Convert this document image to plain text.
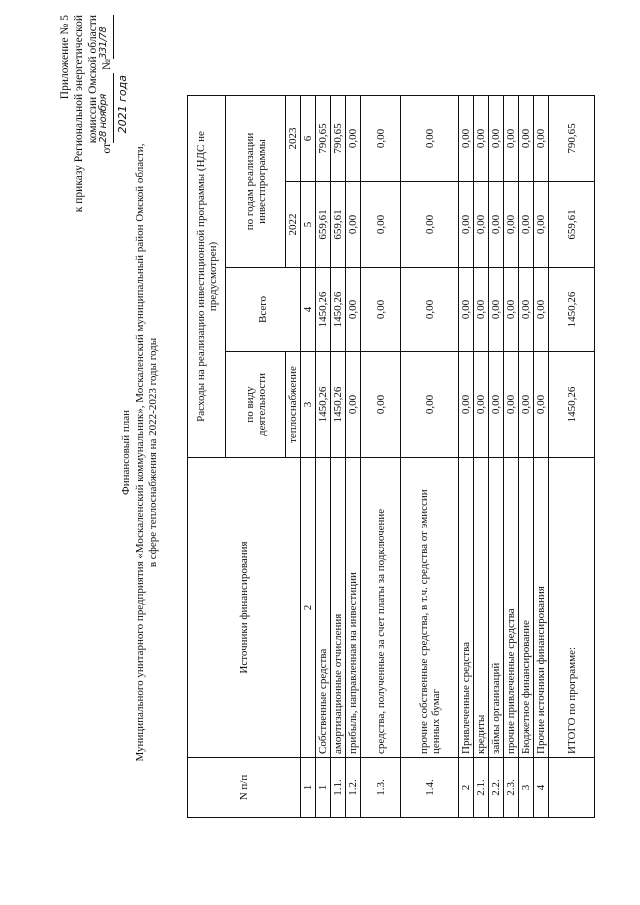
Приложение № 5 к приказу Региональной энергетической комиссии Омской области
от
28 ноября
№
331/78
2021 года
Финансовый план Муниципального унитарного предприятия «Москаленский коммунальник», Москаленский муниципальный район Омской области, в сфере теплоснабжения на 2022-2023 годы годы
N п/п	Источники финансирования	Расходы на реализацию инвестиционной программы (НДС не предусмотрен)			
		по виду деятельности	Всего	по годам реализации инвестпрограммы	
		теплоснабжение		2022	2023
1	2	3	4	5	6
1	Собственные средства	1450,26	1450,26	659,61	790,65
1.1.	амортизационные отчисления	1450,26	1450,26	659,61	790,65
1.2.	прибыль, направленная на инвестиции	0,00	0,00	0,00	0,00
1.3.	средства, полученные за счет платы за подключение	0,00	0,00	0,00	0,00
1.4.	прочие собственные средства, в т.ч. средства от эмиссии ценных бумаг	0,00	0,00	0,00	0,00
2	Привлеченные средства	0,00	0,00	0,00	0,00
2.1.	кредиты	0,00	0,00	0,00	0,00
2.2.	займы организаций	0,00	0,00	0,00	0,00
2.3.	прочие привлеченные средства	0,00	0,00	0,00	0,00
3	Бюджетное финансирование	0,00	0,00	0,00	0,00
4	Прочие источники финансирования	0,00	0,00	0,00	0,00
	ИТОГО по программе:	1450,26	1450,26	659,61	790,65
